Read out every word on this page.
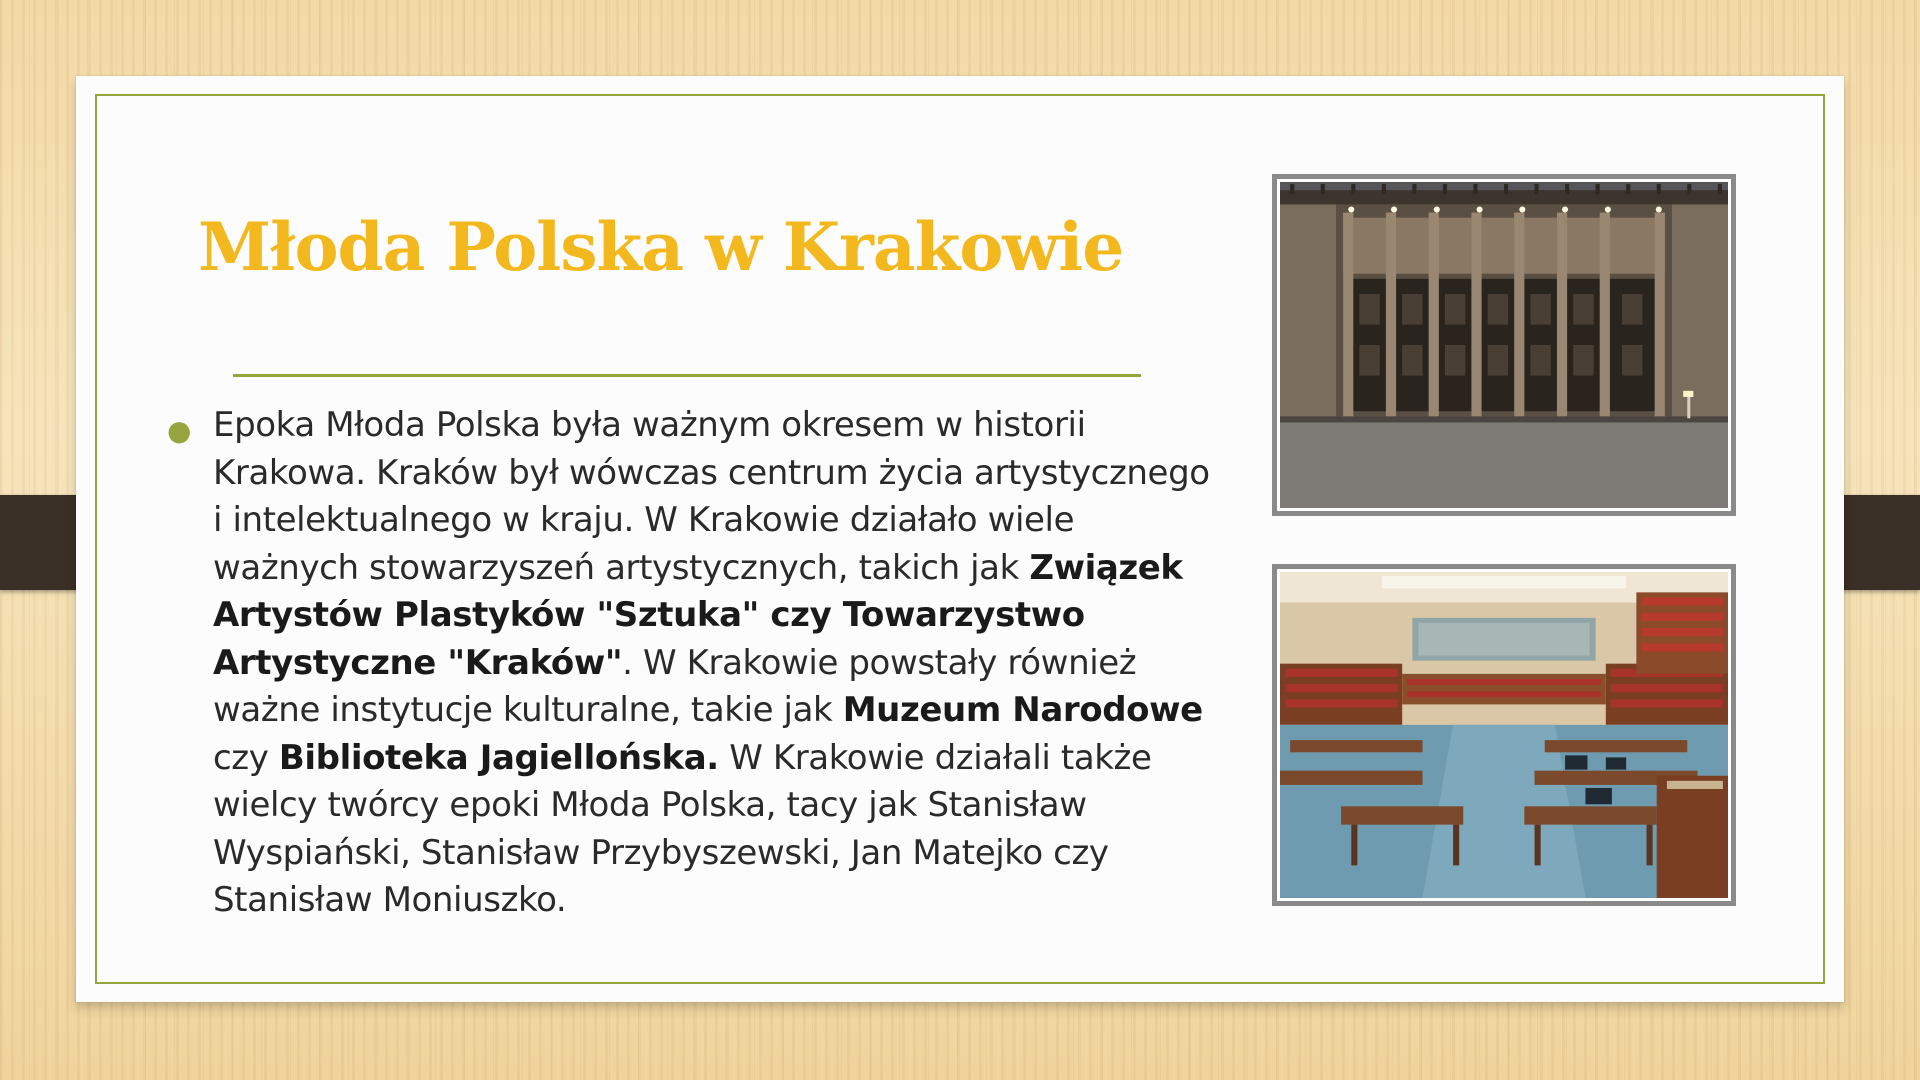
Młoda Polska w Krakowie
● Epoka Młoda Polska była ważnym okresem w historii Krakowa. Kraków był wówczas centrum życia artystycznego i intelektualnego w kraju. W Krakowie działało wiele ważnych stowarzyszeń artystycznych, takich jak Związek Artystów Plastyków "Sztuka" czy Towarzystwo Artystyczne "Kraków". W Krakowie powstały również ważne instytucje kulturalne, takie jak Muzeum Narodowe czy Biblioteka Jagiellońska. W Krakowie działali także wielcy twórcy epoki Młoda Polska, tacy jak Stanisław Wyspiański, Stanisław Przybyszewski, Jan Matejko czy Stanisław Moniuszko.
